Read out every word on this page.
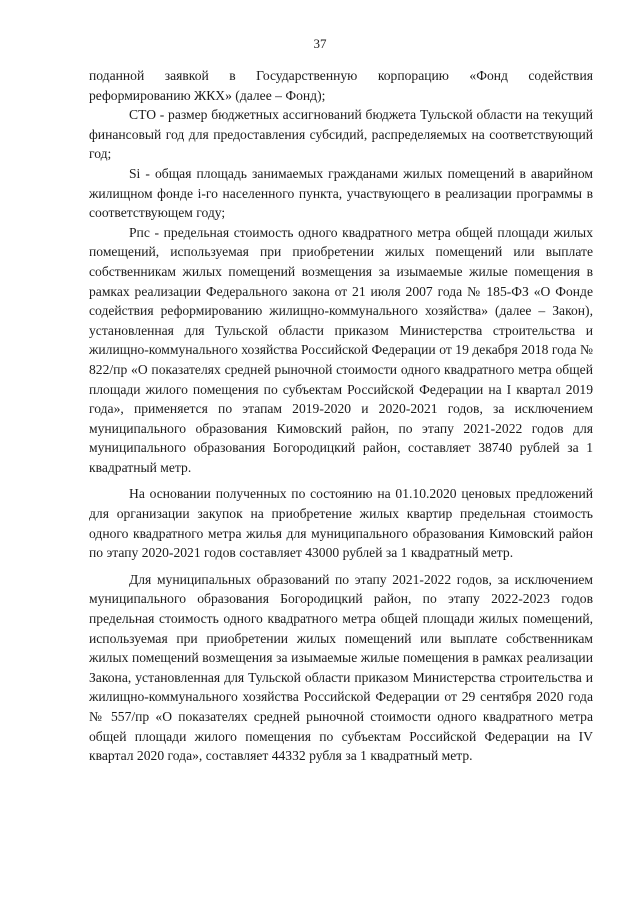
37

поданной заявкой в Государственную корпорацию «Фонд содействия реформированию ЖКХ» (далее – Фонд);

СТО - размер бюджетных ассигнований бюджета Тульской области на текущий финансовый год для предоставления субсидий, распределяемых на соответствующий год;

Si - общая площадь занимаемых гражданами жилых помещений в аварийном жилищном фонде i-го населенного пункта, участвующего в реализации программы в соответствующем году;

Рпс - предельная стоимость одного квадратного метра общей площади жилых помещений, используемая при приобретении жилых помещений или выплате собственникам жилых помещений возмещения за изымаемые жилые помещения в рамках реализации Федерального закона от 21 июля 2007 года № 185-ФЗ «О Фонде содействия реформированию жилищно-коммунального хозяйства» (далее – Закон), установленная для Тульской области приказом Министерства строительства и жилищно-коммунального хозяйства Российской Федерации от 19 декабря 2018 года № 822/пр «О показателях средней рыночной стоимости одного квадратного метра общей площади жилого помещения по субъектам Российской Федерации на I квартал 2019 года», применяется по этапам 2019-2020 и 2020-2021 годов, за исключением муниципального образования Кимовский район, по этапу 2021-2022 годов для муниципального образования Богородицкий район, составляет 38740 рублей за 1 квадратный метр.

На основании полученных по состоянию на 01.10.2020 ценовых предложений для организации закупок на приобретение жилых квартир предельная стоимость одного квадратного метра жилья для муниципального образования Кимовский район по этапу 2020-2021 годов составляет 43000 рублей за 1 квадратный метр.

Для муниципальных образований по этапу 2021-2022 годов, за исключением муниципального образования Богородицкий район, по этапу 2022-2023 годов предельная стоимость одного квадратного метра общей площади жилых помещений, используемая при приобретении жилых помещений или выплате собственникам жилых помещений возмещения за изымаемые жилые помещения в рамках реализации Закона, установленная для Тульской области приказом Министерства строительства и жилищно-коммунального хозяйства Российской Федерации от 29 сентября 2020 года № 557/пр «О показателях средней рыночной стоимости одного квадратного метра общей площади жилого помещения по субъектам Российской Федерации на IV квартал 2020 года», составляет 44332 рубля за 1 квадратный метр.
